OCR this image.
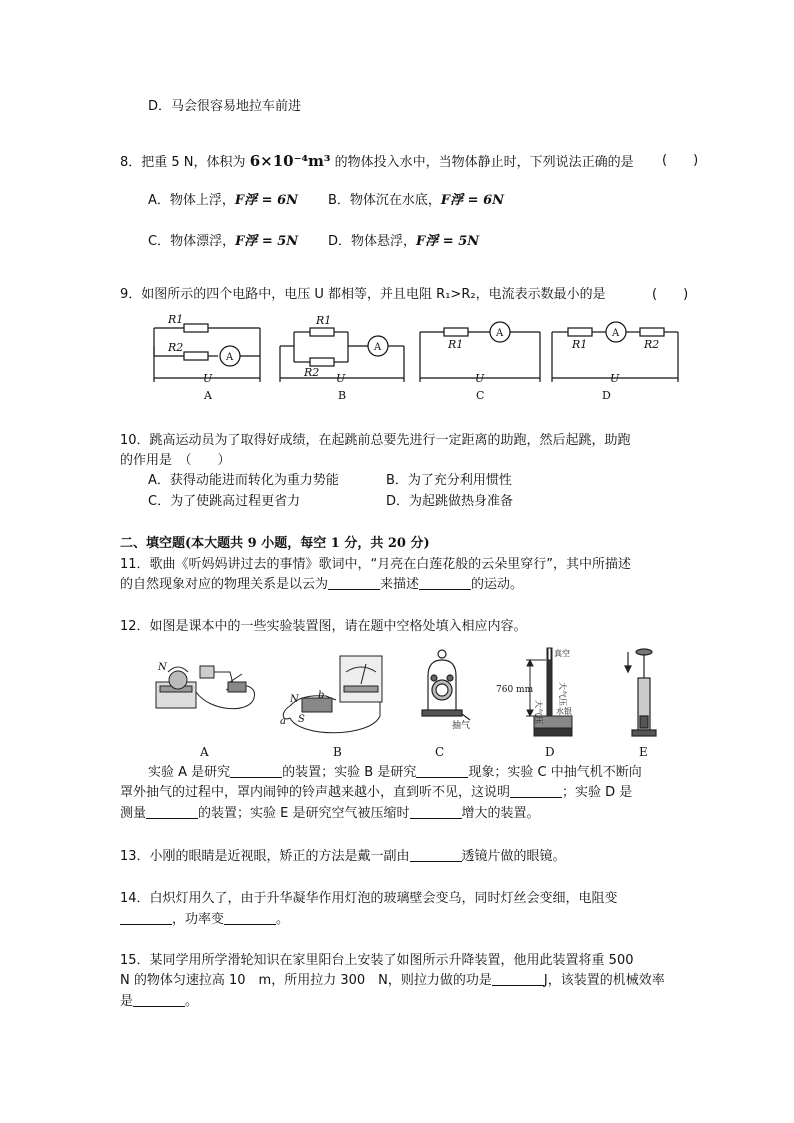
D．马会很容易地拉车前进
8．把重 5 N，体积为 6×10⁻⁴m³ 的物体投入水中，当物体静止时，下列说法正确的是 (　　)
A．物体上浮，F浮 = 6N B．物体沉在水底，F浮 = 6N
C．物体漂浮，F浮 = 5N D．物体悬浮，F浮 = 5N
9．如图所示的四个电路中，电压 U 都相等，并且电阻 R₁>R₂，电流表示数最小的是	(　　)
R1
R2
A
U
A
R1
R2
A
U
B
R1
A
U
C
R1	R2
A
U
D
10．跳高运动员为了取得好成绩，在起跳前总要先进行一定距离的助跑，然后起跳，助跑
的作用是　（　　）
A．获得动能进而转化为重力势能	B．为了充分利用惯性
C．为了使跳高过程更省力	D．为起跳做热身准备
二、填空题(本大题共 9 小题，每空 1 分，共 20 分)
11．歌曲《听妈妈讲过去的事情》歌词中，“月亮在白莲花般的云朵里穿行”，其中所描述
的自然现象对应的物理关系是以云为	来描述	的运动。
12．如图是课本中的一些实验装置图，请在题中空格处填入相应内容。
N
N b
S
a	抽气
760 mm
真空
大气压
大气压
水银
A	B	C	D	E
实验 A 是研究	的装置；实验 B 是研究	现象；实验 C 中抽气机不断向
罩外抽气的过程中，罩内闹钟的铃声越来越小，直到听不见，这说明	；实验 D 是
测量	的装置；实验 E 是研究空气被压缩时	增大的装置。
13．小刚的眼睛是近视眼，矫正的方法是戴一副由	透镜片做的眼镜。
14．白炽灯用久了，由于升华凝华作用灯泡的玻璃壁会变乌，同时灯丝会变细，电阻变
，功率变	。
15．某同学用所学滑轮知识在家里阳台上安装了如图所示升降装置，他用此装置将重 500
N 的物体匀速拉高 10　m，所用拉力 300　N，则拉力做的功是	J，该装置的机械效率
是	。
